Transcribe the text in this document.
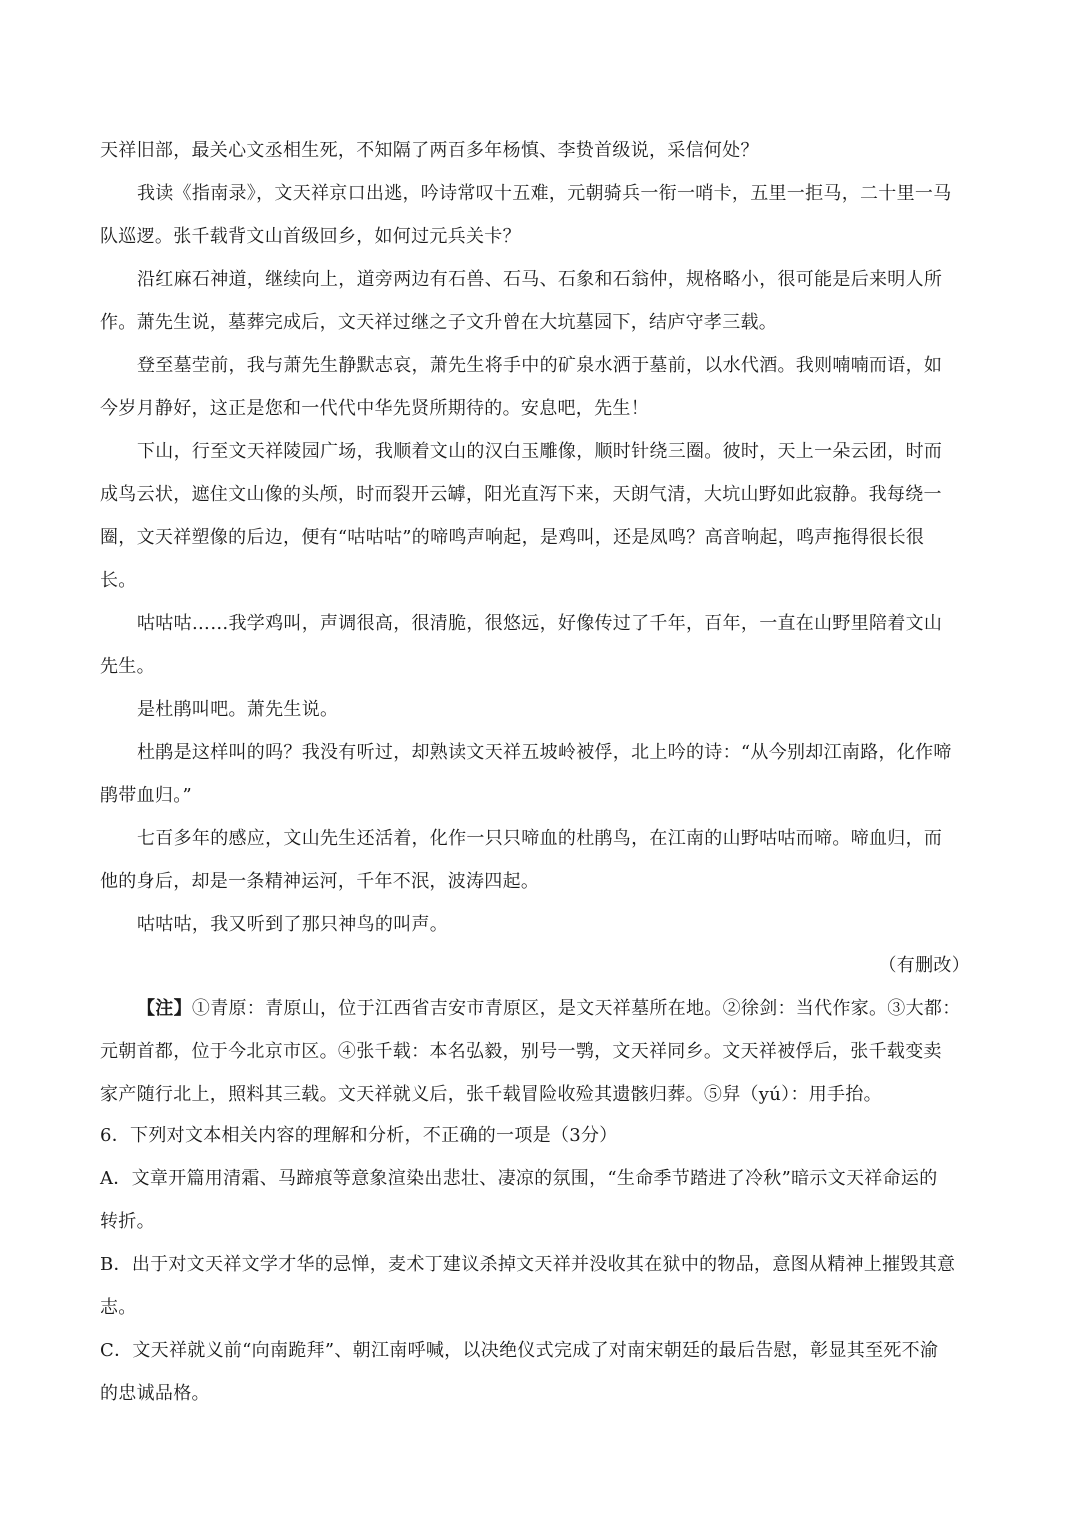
天祥旧部，最关心文丞相生死，不知隔了两百多年杨慎、李贽首级说，采信何处？
我读《指南录》，文天祥京口出逃，吟诗常叹十五难，元朝骑兵一衔一哨卡，五里一拒马，二十里一马
队巡逻。张千载背文山首级回乡，如何过元兵关卡？
沿红麻石神道，继续向上，道旁两边有石兽、石马、石象和石翁仲，规格略小，很可能是后来明人所
作。萧先生说，墓葬完成后，文天祥过继之子文升曾在大坑墓园下，结庐守孝三载。
登至墓茔前，我与萧先生静默志哀，萧先生将手中的矿泉水洒于墓前，以水代酒。我则喃喃而语，如
今岁月静好，这正是您和一代代中华先贤所期待的。安息吧，先生！
下山，行至文天祥陵园广场，我顺着文山的汉白玉雕像，顺时针绕三圈。彼时，天上一朵云团，时而
成鸟云状，遮住文山像的头颅，时而裂开云罅，阳光直泻下来，天朗气清，大坑山野如此寂静。我每绕一
圈，文天祥塑像的后边，便有“咕咕咕”的啼鸣声响起，是鸡叫，还是凤鸣？高音响起，鸣声拖得很长很
长。
咕咕咕……我学鸡叫，声调很高，很清脆，很悠远，好像传过了千年，百年，一直在山野里陪着文山
先生。
是杜鹃叫吧。萧先生说。
杜鹃是这样叫的吗？我没有听过，却熟读文天祥五坡岭被俘，北上吟的诗：“从今别却江南路，化作啼
鹃带血归。”
七百多年的感应，文山先生还活着，化作一只只啼血的杜鹃鸟，在江南的山野咕咕而啼。啼血归，而
他的身后，却是一条精神运河，千年不泯，波涛四起。
咕咕咕，我又听到了那只神鸟的叫声。
（有删改）
【注】①青原：青原山，位于江西省吉安市青原区，是文天祥墓所在地。②徐剑：当代作家。③大都：
元朝首都，位于今北京市区。④张千载：本名弘毅，别号一鹗，文天祥同乡。文天祥被俘后，张千载变卖
家产随行北上，照料其三载。文天祥就义后，张千载冒险收殓其遗骸归葬。⑤舁（yú）：用手抬。
6．下列对文本相关内容的理解和分析，不正确的一项是（3分）
A．文章开篇用清霜、马蹄痕等意象渲染出悲壮、凄凉的氛围，“生命季节踏进了冷秋”暗示文天祥命运的
转折。
B．出于对文天祥文学才华的忌惮，麦术丁建议杀掉文天祥并没收其在狱中的物品，意图从精神上摧毁其意
志。
C．文天祥就义前“向南跪拜”、朝江南呼喊，以决绝仪式完成了对南宋朝廷的最后告慰，彰显其至死不渝
的忠诚品格。
